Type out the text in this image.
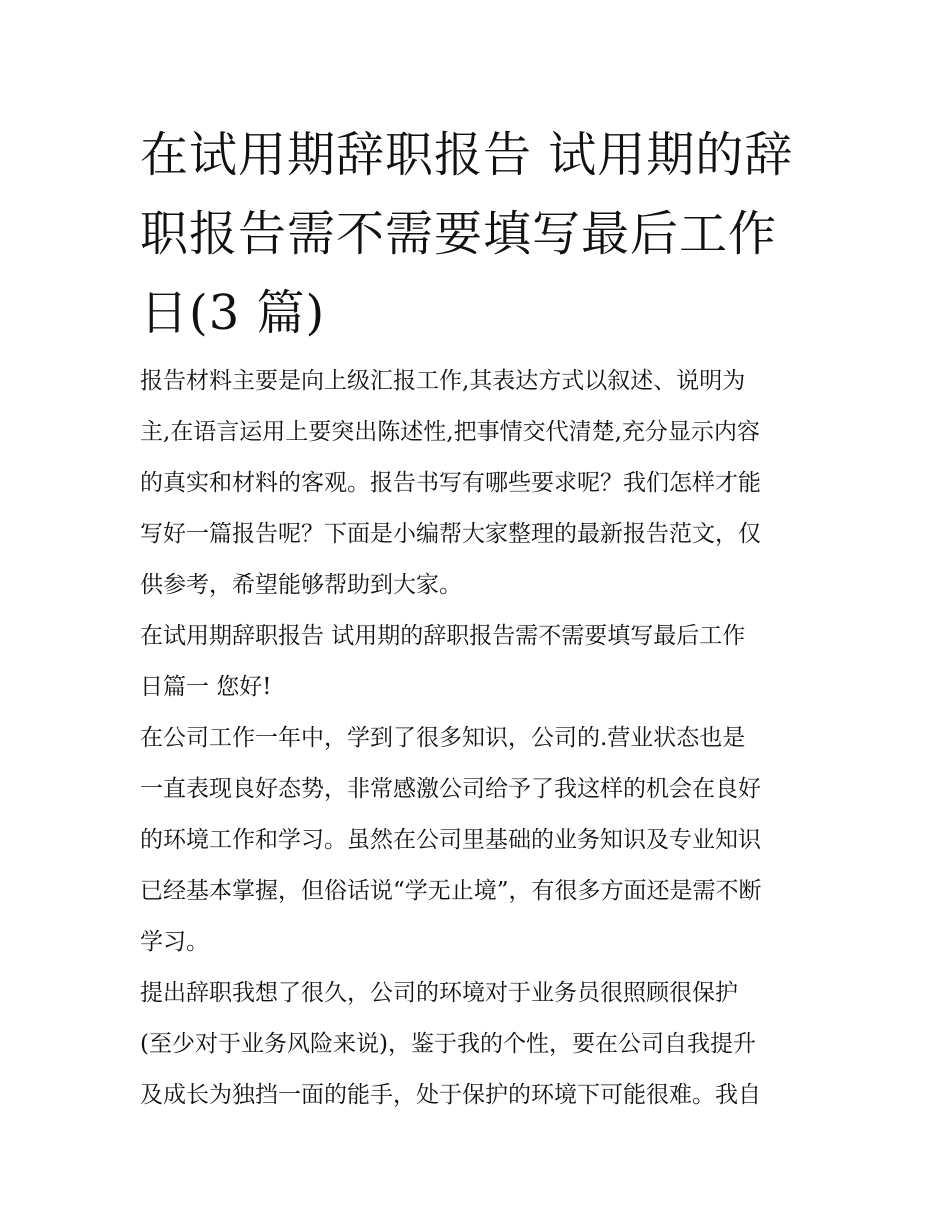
在试用期辞职报告 试用期的辞
职报告需不需要填写最后工作
日(3 篇)
报告材料主要是向上级汇报工作,其表达方式以叙述、说明为
主,在语言运用上要突出陈述性,把事情交代清楚,充分显示内容
的真实和材料的客观。报告书写有哪些要求呢？我们怎样才能
写好一篇报告呢？下面是小编帮大家整理的最新报告范文，仅
供参考，希望能够帮助到大家。
在试用期辞职报告 试用期的辞职报告需不需要填写最后工作
日篇一 您好!
在公司工作一年中，学到了很多知识，公司的.营业状态也是
一直表现良好态势，非常感激公司给予了我这样的机会在良好
的环境工作和学习。虽然在公司里基础的业务知识及专业知识
已经基本掌握，但俗话说“学无止境”，有很多方面还是需不断
学习。
提出辞职我想了很久，公司的环境对于业务员很照顾很保护
(至少对于业务风险来说)，鉴于我的个性，要在公司自我提升
及成长为独挡一面的能手，处于保护的环境下可能很难。我自
